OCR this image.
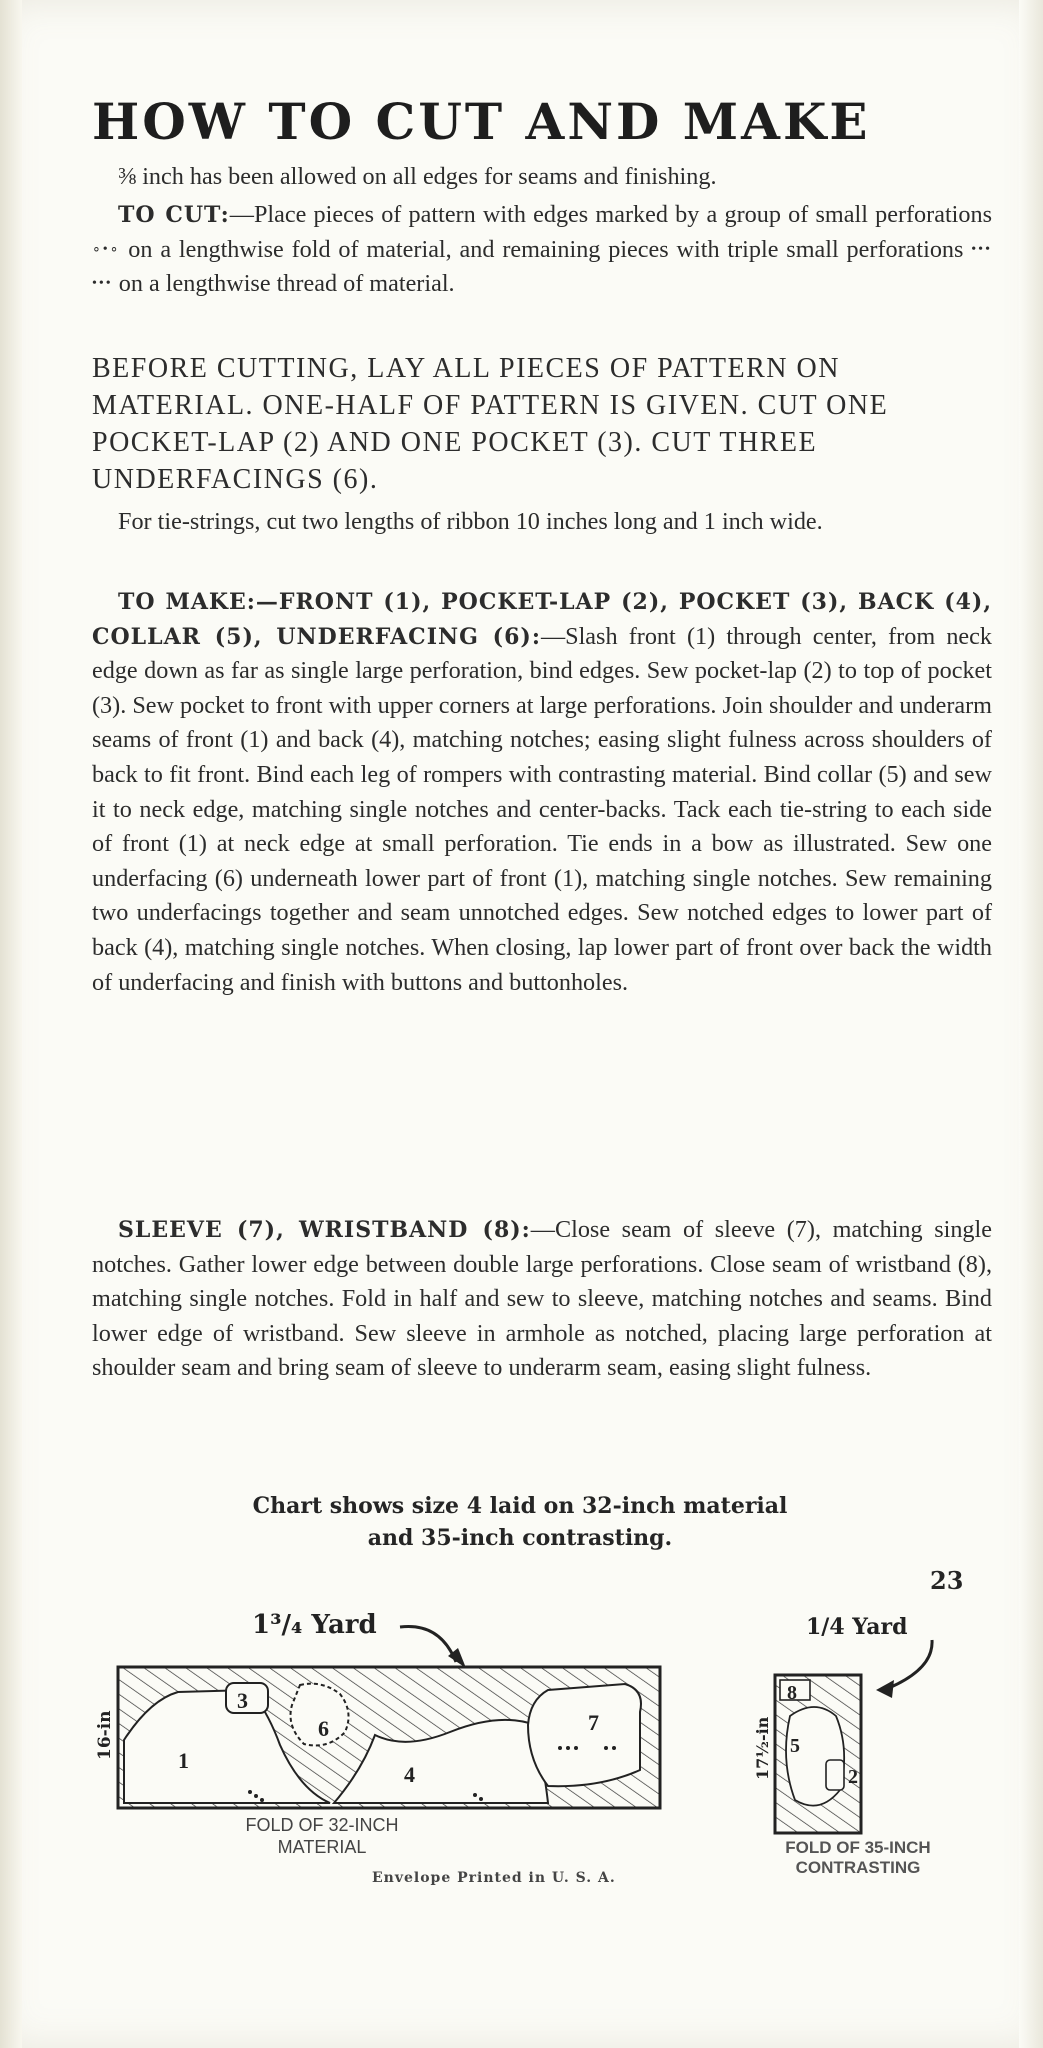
HOW TO CUT AND MAKE

⅜ inch has been allowed on all edges for seams and finishing.

TO CUT:—Place pieces of pattern with edges marked by a group of small perforations ∘•∘ on a lengthwise fold of material, and remaining pieces with triple small perforations ••• ••• on a lengthwise thread of material.

BEFORE CUTTING, LAY ALL PIECES OF PATTERN ON MATERIAL. ONE-HALF OF PATTERN IS GIVEN. CUT ONE POCKET-LAP (2) AND ONE POCKET (3). CUT THREE UNDERFACINGS (6).

For tie-strings, cut two lengths of ribbon 10 inches long and 1 inch wide.

TO MAKE:—FRONT (1), POCKET-LAP (2), POCKET (3), BACK (4), COLLAR (5), UNDERFACING (6):—Slash front (1) through center, from neck edge down as far as single large perforation, bind edges. Sew pocket-lap (2) to top of pocket (3). Sew pocket to front with upper corners at large perforations. Join shoulder and underarm seams of front (1) and back (4), matching notches; easing slight fulness across shoulders of back to fit front. Bind each leg of rompers with contrasting material. Bind collar (5) and sew it to neck edge, matching single notches and center-backs. Tack each tie-string to each side of front (1) at neck edge at small perforation. Tie ends in a bow as illustrated. Sew one underfacing (6) underneath lower part of front (1), matching single notches. Sew remaining two underfacings together and seam unnotched edges. Sew notched edges to lower part of back (4), matching single notches. When closing, lap lower part of front over back the width of underfacing and finish with buttons and buttonholes.

SLEEVE (7), WRISTBAND (8):—Close seam of sleeve (7), matching single notches. Gather lower edge between double large perforations. Close seam of wristband (8), matching single notches. Fold in half and sew to sleeve, matching notches and seams. Bind lower edge of wristband. Sew sleeve in armhole as notched, placing large perforation at shoulder seam and bring seam of sleeve to underarm seam, easing slight fulness.

Chart shows size 4 laid on 32-inch material
and 35-inch contrasting.
23
1³/₄ Yard	1/4 Yard
16-in
1
3
6
4
7	17½-in
8
5
2
FOLD OF 32-INCH
MATERIAL	FOLD OF 35-INCH
CONTRASTING
Envelope Printed in U. S. A.
